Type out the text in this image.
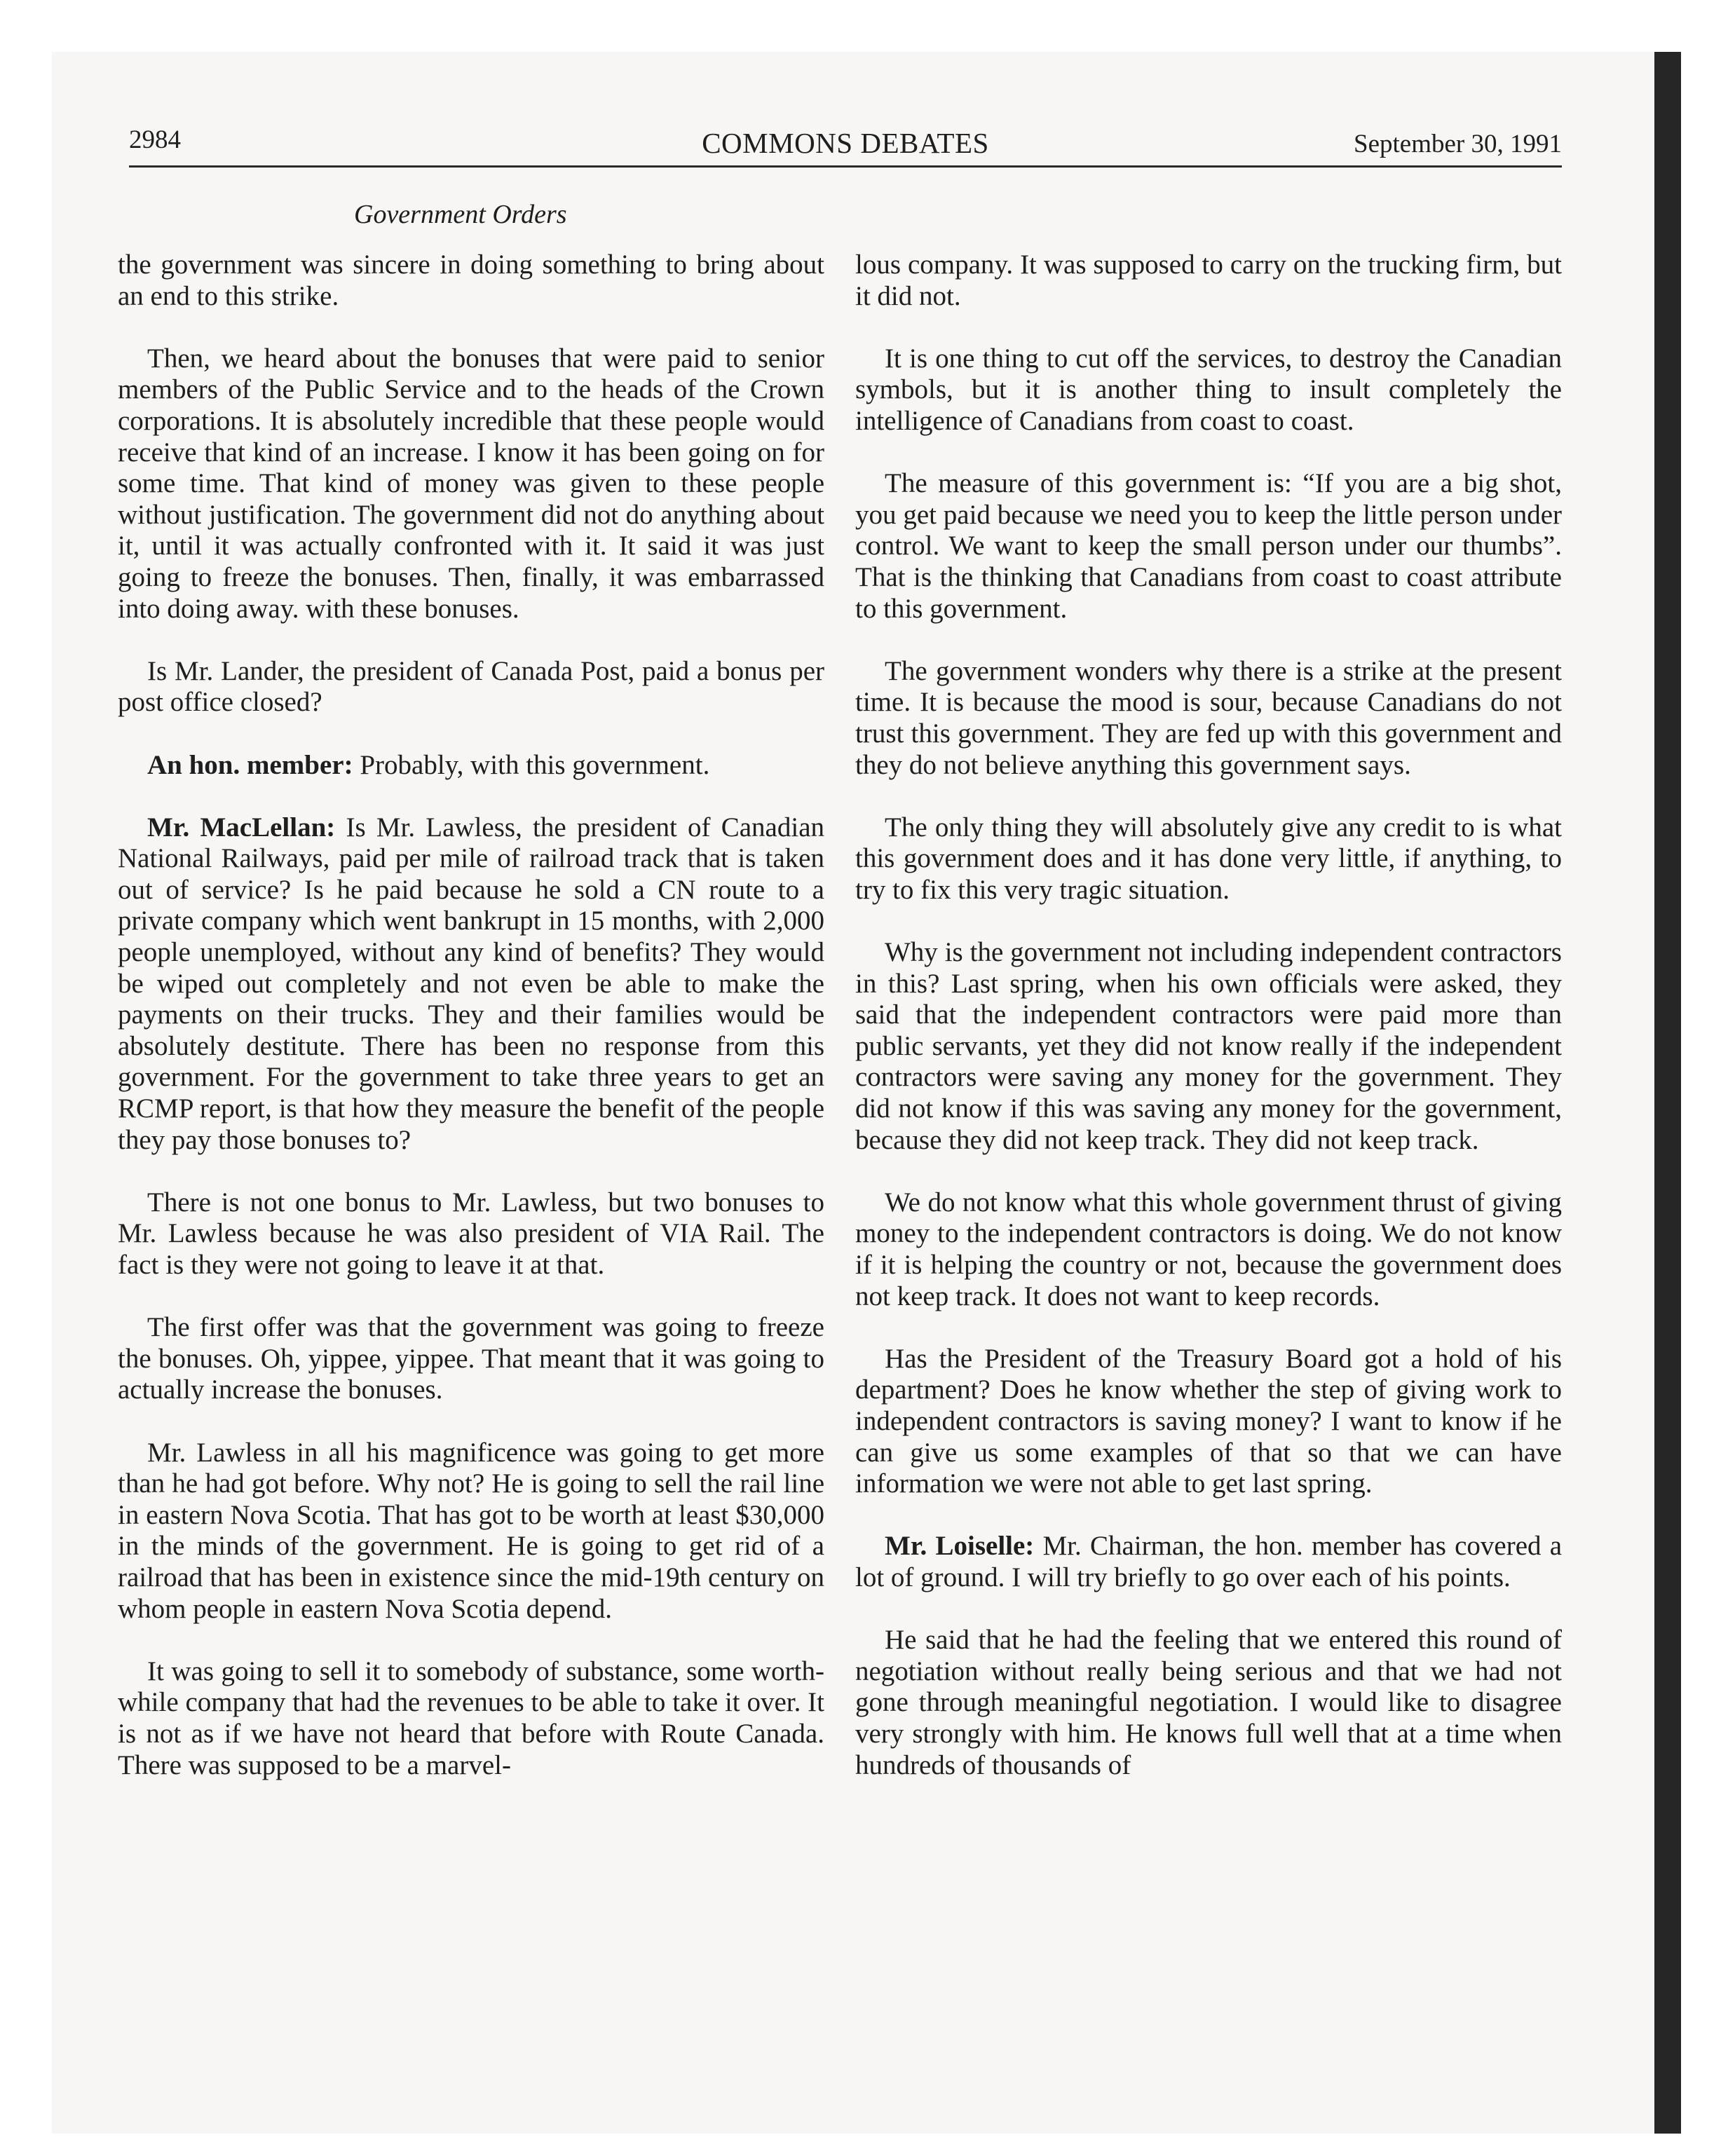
2984	COMMONS DEBATES	September 30, 1991
Government Orders

the government was sincere in doing something to bring about an end to this strike.

Then, we heard about the bonuses that were paid to senior members of the Public Service and to the heads of the Crown corporations. It is absolutely incredible that these people would receive that kind of an increase. I know it has been going on for some time. That kind of money was given to these people without justification. The government did not do anything about it, until it was actually confronted with it. It said it was just going to freeze the bonuses. Then, finally, it was embarrassed into doing away. with these bonuses.

Is Mr. Lander, the president of Canada Post, paid a bonus per post office closed?

An hon. member: Probably, with this government.

Mr. MacLellan: Is Mr. Lawless, the president of Canadian National Railways, paid per mile of railroad track that is taken out of service? Is he paid because he sold a CN route to a private company which went bankrupt in 15 months, with 2,000 people unemployed, without any kind of benefits? They would be wiped out completely and not even be able to make the payments on their trucks. They and their families would be absolutely destitute. There has been no response from this government. For the government to take three years to get an RCMP report, is that how they measure the benefit of the people they pay those bonuses to?

There is not one bonus to Mr. Lawless, but two bonuses to Mr. Lawless because he was also president of VIA Rail. The fact is they were not going to leave it at that.

The first offer was that the government was going to freeze the bonuses. Oh, yippee, yippee. That meant that it was going to actually increase the bonuses.

Mr. Lawless in all his magnificence was going to get more than he had got before. Why not? He is going to sell the rail line in eastern Nova Scotia. That has got to be worth at least $30,000 in the minds of the government. He is going to get rid of a railroad that has been in existence since the mid-19th century on whom people in eastern Nova Scotia depend.

It was going to sell it to somebody of substance, some worth-while company that had the revenues to be able to take it over. It is not as if we have not heard that before with Route Canada. There was supposed to be a marvel-

lous company. It was supposed to carry on the trucking firm, but it did not.

It is one thing to cut off the services, to destroy the Canadian symbols, but it is another thing to insult completely the intelligence of Canadians from coast to coast.

The measure of this government is: “If you are a big shot, you get paid because we need you to keep the little person under control. We want to keep the small person under our thumbs”. That is the thinking that Canadians from coast to coast attribute to this government.

The government wonders why there is a strike at the present time. It is because the mood is sour, because Canadians do not trust this government. They are fed up with this government and they do not believe anything this government says.

The only thing they will absolutely give any credit to is what this government does and it has done very little, if anything, to try to fix this very tragic situation.

Why is the government not including independent contractors in this? Last spring, when his own officials were asked, they said that the independent contractors were paid more than public servants, yet they did not know really if the independent contractors were saving any money for the government. They did not know if this was saving any money for the government, because they did not keep track. They did not keep track.

We do not know what this whole government thrust of giving money to the independent contractors is doing. We do not know if it is helping the country or not, because the government does not keep track. It does not want to keep records.

Has the President of the Treasury Board got a hold of his department? Does he know whether the step of giving work to independent contractors is saving money? I want to know if he can give us some examples of that so that we can have information we were not able to get last spring.

Mr. Loiselle: Mr. Chairman, the hon. member has covered a lot of ground. I will try briefly to go over each of his points.

He said that he had the feeling that we entered this round of negotiation without really being serious and that we had not gone through meaningful negotiation. I would like to disagree very strongly with him. He knows full well that at a time when hundreds of thousands of
